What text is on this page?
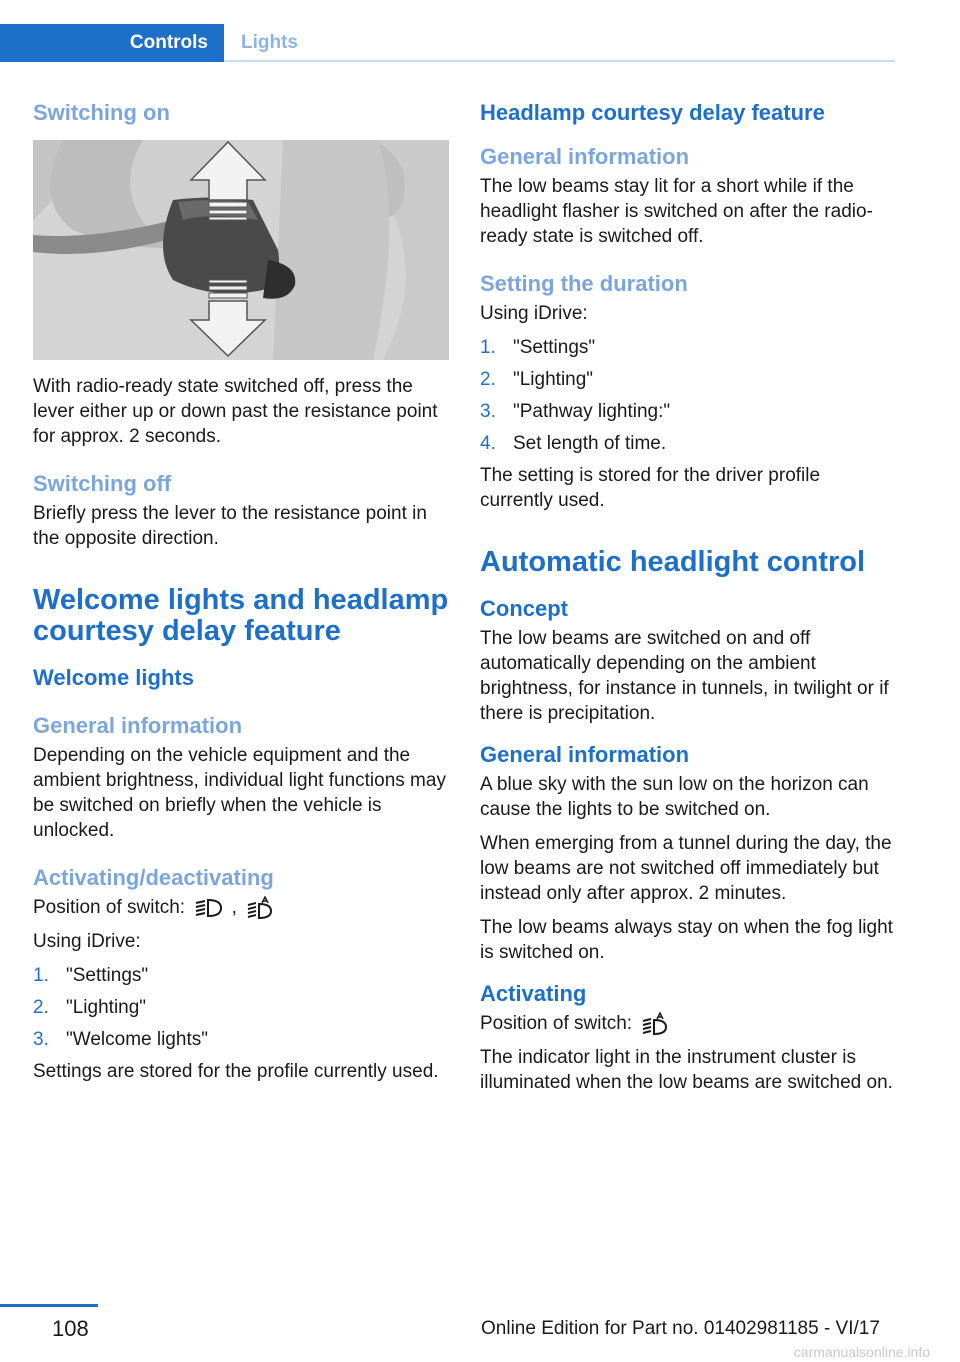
Controls	Lights
Switching on

With radio-ready state switched off, press the lever either up or down past the resistance point for approx. 2 seconds.

Switching off

Briefly press the lever to the resistance point in the opposite direction.

Welcome lights and headlamp courtesy delay feature
Welcome lights
General information

Depending on the vehicle equipment and the ambient brightness, individual light functions may be switched on briefly when the vehicle is unlocked.

Activating/deactivating

Position of switch: ,

Using iDrive:

1. "Settings"
2. "Lighting"
3. "Welcome lights"

Settings are stored for the profile currently used.

Headlamp courtesy delay feature
General information

The low beams stay lit for a short while if the headlight flasher is switched on after the radio-ready state is switched off.

Setting the duration

Using iDrive:

1. "Settings"
2. "Lighting"
3. "Pathway lighting:"
4. Set length of time.

The setting is stored for the driver profile currently used.

Automatic headlight control
Concept

The low beams are switched on and off automatically depending on the ambient brightness, for instance in tunnels, in twilight or if there is precipitation.

General information

A blue sky with the sun low on the horizon can cause the lights to be switched on.

When emerging from a tunnel during the day, the low beams are not switched off immediately but instead only after approx. 2 minutes.

The low beams always stay on when the fog light is switched on.

Activating

Position of switch:

The indicator light in the instrument cluster is illuminated when the low beams are switched on.

108	Online Edition for Part no. 01402981185 - VI/17
carmanualsonline.info
